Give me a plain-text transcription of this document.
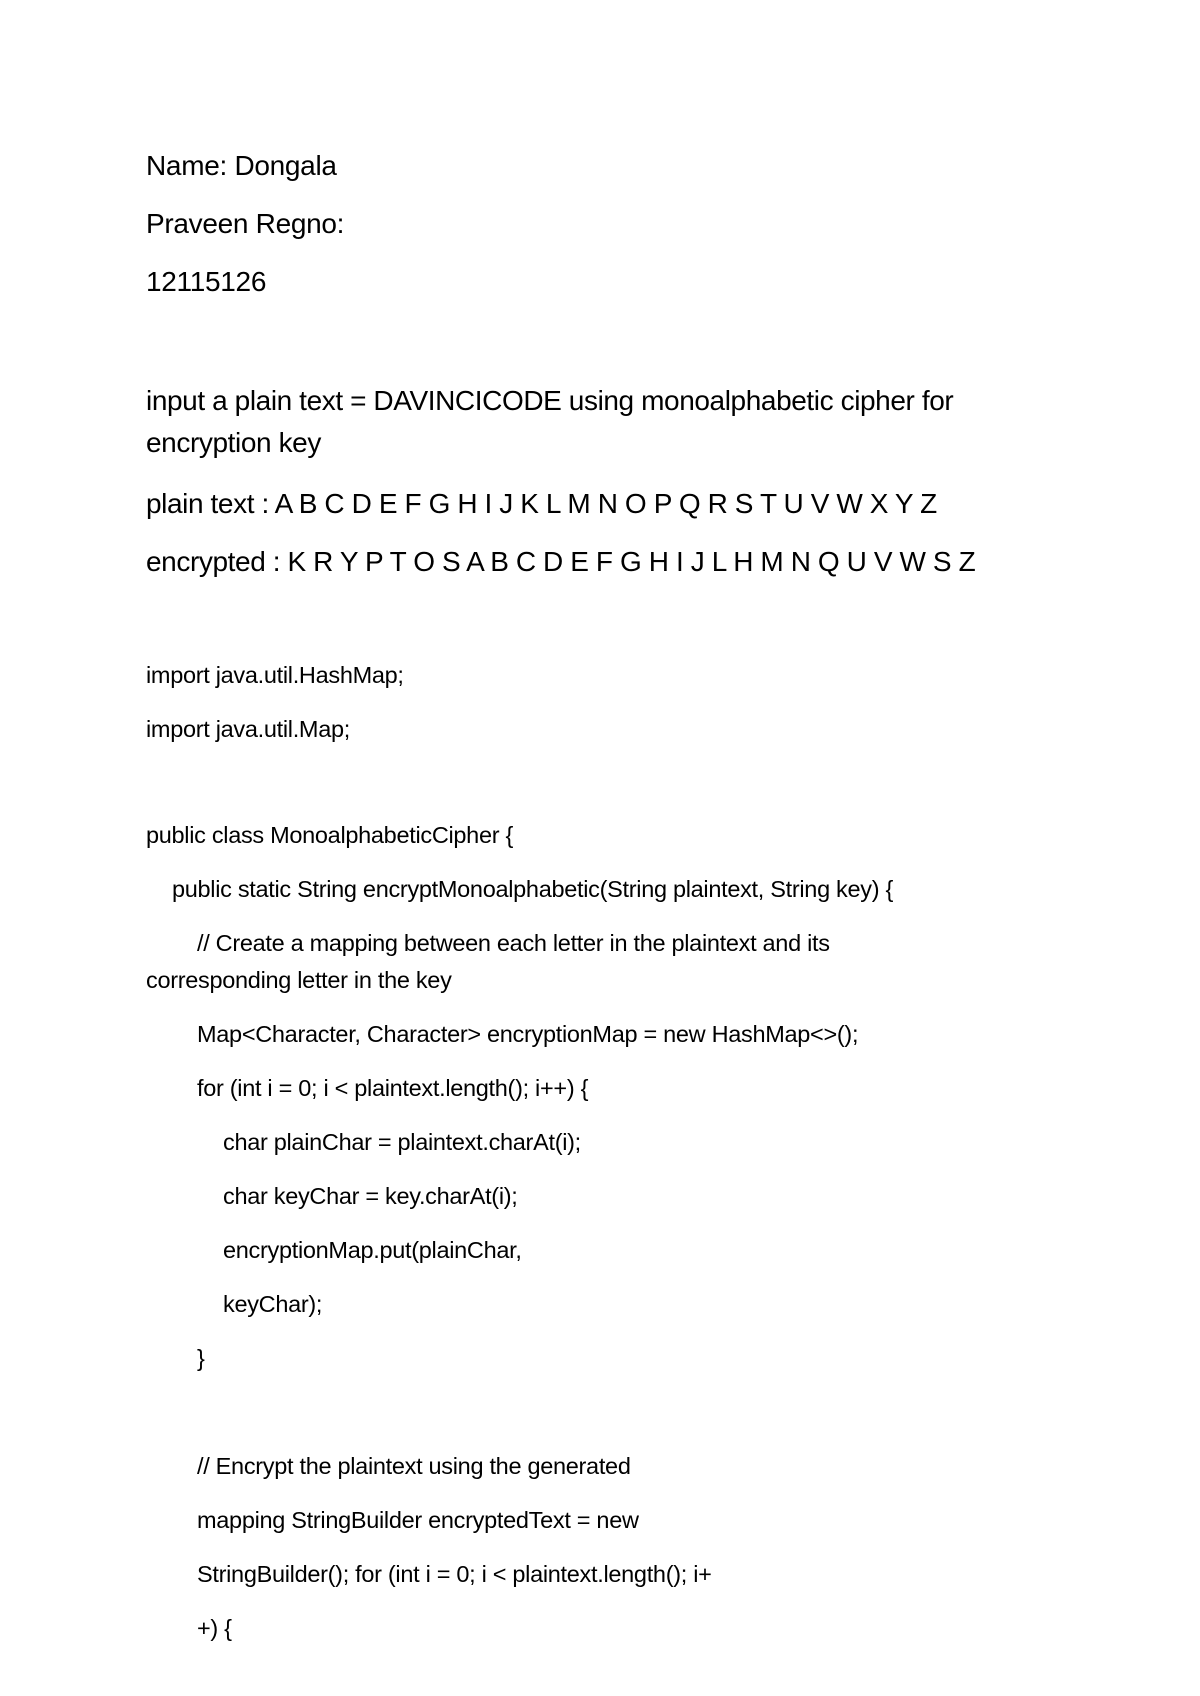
Name: Dongala
Praveen Regno:
12115126
input a plain text = DAVINCICODE using monoalphabetic cipher for
encryption key
plain text : A B C D E F G H I J K L M N O P Q R S T U V W X Y Z
encrypted : K R Y P T O S A B C D E F G H I J L H M N Q U V W S Z
import java.util.HashMap;
import java.util.Map;
public class MonoalphabeticCipher {
public static String encryptMonoalphabetic(String plaintext, String key) {
// Create a mapping between each letter in the plaintext and its
corresponding letter in the key
Map<Character, Character> encryptionMap = new HashMap<>();
for (int i = 0; i < plaintext.length(); i++) {
char plainChar = plaintext.charAt(i);
char keyChar = key.charAt(i);
encryptionMap.put(plainChar,
keyChar);
}
// Encrypt the plaintext using the generated
mapping StringBuilder encryptedText = new
StringBuilder(); for (int i = 0; i < plaintext.length(); i+
+) {
